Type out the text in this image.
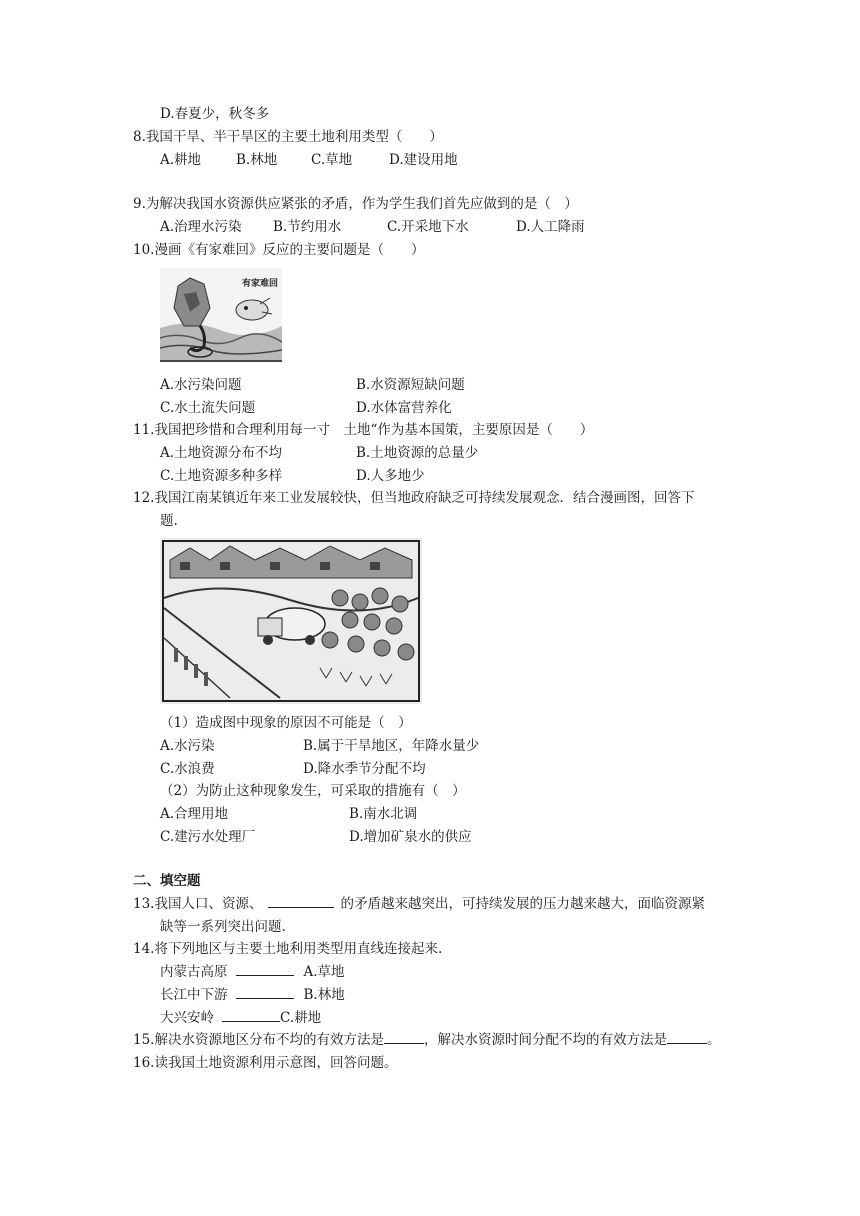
D.春夏少，秋冬多
8.我国干旱、半干旱区的主要土地利用类型（　　）
A.耕地	B.林地	C.草地	D.建设用地
9.为解决我国水资源供应紧张的矛盾，作为学生我们首先应做到的是（　）
A.治理水污染 B.节约用水	C.开采地下水	D.人工降雨
10.漫画《有家难回》反应的主要问题是（　　）
有家难回
A.水污染问题	B.水资源短缺问题
C.水土流失问题	D.水体富营养化
11.我国把珍惜和合理利用每一寸　土地“作为基本国策，主要原因是（　　）
A.土地资源分布不均	B.土地资源的总量少
C.土地资源多种多样	D.人多地少
12.我国江南某镇近年来工业发展较快，但当地政府缺乏可持续发展观念．结合漫画图，回答下
题.
（1）造成图中现象的原因不可能是（　）
A.水污染	B.属于干旱地区，年降水量少
C.水浪费	D.降水季节分配不均
（2）为防止这种现象发生，可采取的措施有（　）
A.合理用地	B.南水北调
C.建污水处理厂	D.增加矿泉水的供应
二、填空题
13.我国人口、资源、	的矛盾越来越突出，可持续发展的压力越来越大，面临资源紧
缺等一系列突出问题.
14.将下列地区与主要土地利用类型用直线连接起来.
内蒙古高原	A.草地
长江中下游	B.林地
大兴安岭	C.耕地
15.解决水资源地区分布不均的有效方法是	，解决水资源时间分配不均的有效方法是	。
16.读我国土地资源利用示意图，回答问题。
